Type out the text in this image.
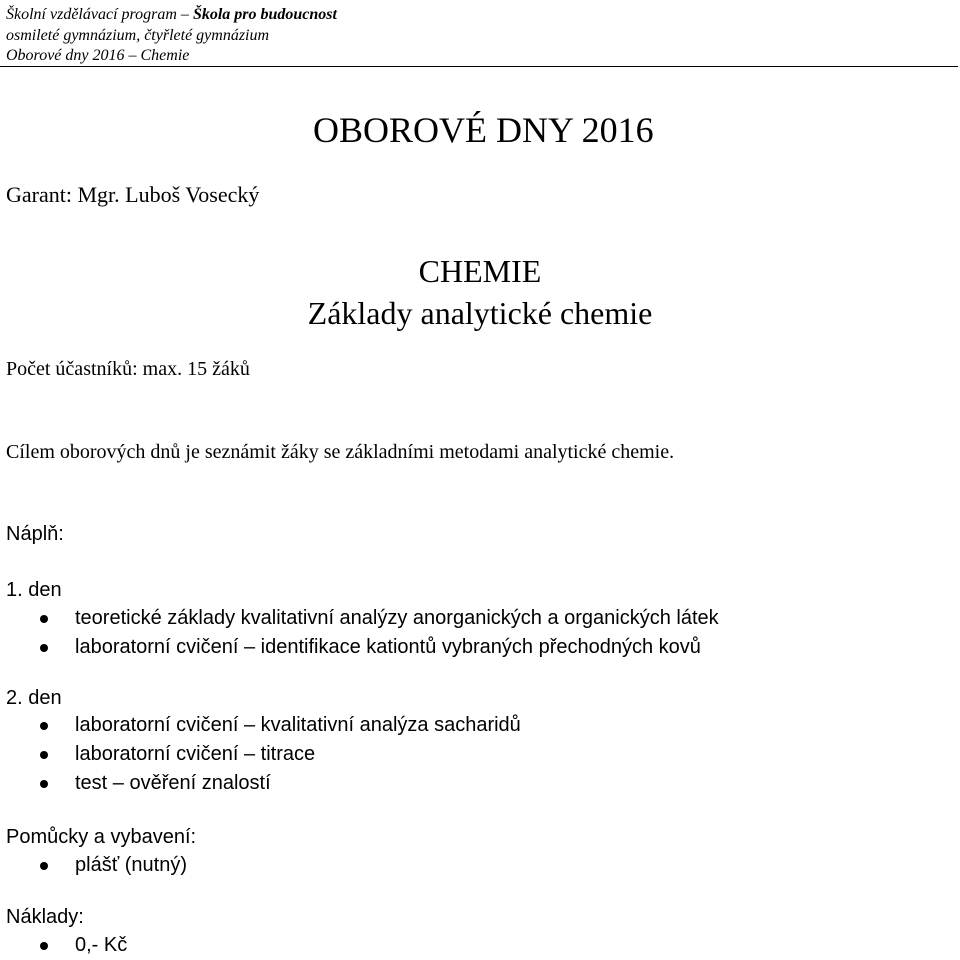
Školní vzdělávací program – Škola pro budoucnost
osmileté gymnázium, čtyřleté gymnázium
Oborové dny 2016 – Chemie
OBOROVÉ DNY 2016
Garant: Mgr. Luboš Vosecký
CHEMIE
Základy analytické chemie
Počet účastníků: max. 15 žáků
Cílem oborových dnů je seznámit žáky se základními metodami analytické chemie.
Náplň:
1. den
teoretické základy kvalitativní analýzy anorganických a organických látek
laboratorní cvičení – identifikace kationtů vybraných přechodných kovů
2. den
laboratorní cvičení – kvalitativní analýza sacharidů
laboratorní cvičení – titrace
test – ověření znalostí
Pomůcky a vybavení:
plášť (nutný)
Náklady:
0,- Kč
